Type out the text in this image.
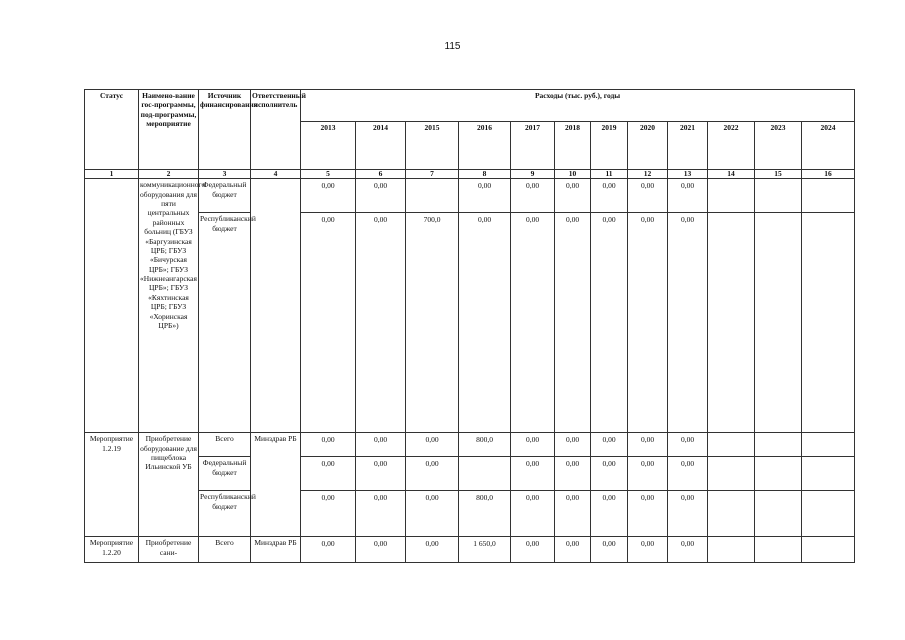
115
Статус	Наимено-вание гос-программы, под-программы, мероприятие	Источник финансирования	Ответственный исполнитель	Расходы (тыс. руб.), годы											
				2013	2014	2015	2016	2017	2018	2019	2020	2021	2022	2023	2024
1	2	3	4	5	6	7	8	9	10	11	12	13	14	15	16
	коммуникационного оборудования для пяти центральных районных больниц (ГБУЗ «Баргузинская ЦРБ; ГБУЗ «Бичурская ЦРБ»; ГБУЗ «Нижнеангарская ЦРБ»; ГБУЗ «Кяхтинская ЦРБ; ГБУЗ «Хоринская ЦРБ»)	Федеральный бюджет		0,00	0,00		0,00	0,00	0,00	0,00	0,00	0,00			
		Республиканский бюджет		0,00	0,00	700,0	0,00	0,00	0,00	0,00	0,00	0,00			
Мероприятие 1.2.19	Приобретение оборудование для пищеблока Ильинской УБ	Всего	Минздрав РБ	0,00	0,00	0,00	800,0	0,00	0,00	0,00	0,00	0,00			
		Федеральный бюджет		0,00	0,00	0,00		0,00	0,00	0,00	0,00	0,00			
		Республиканский бюджет		0,00	0,00	0,00	800,0	0,00	0,00	0,00	0,00	0,00			
Мероприятие 1.2.20	Приобретение сани-	Всего	Минздрав РБ	0,00	0,00	0,00	1 650,0	0,00	0,00	0,00	0,00	0,00			
